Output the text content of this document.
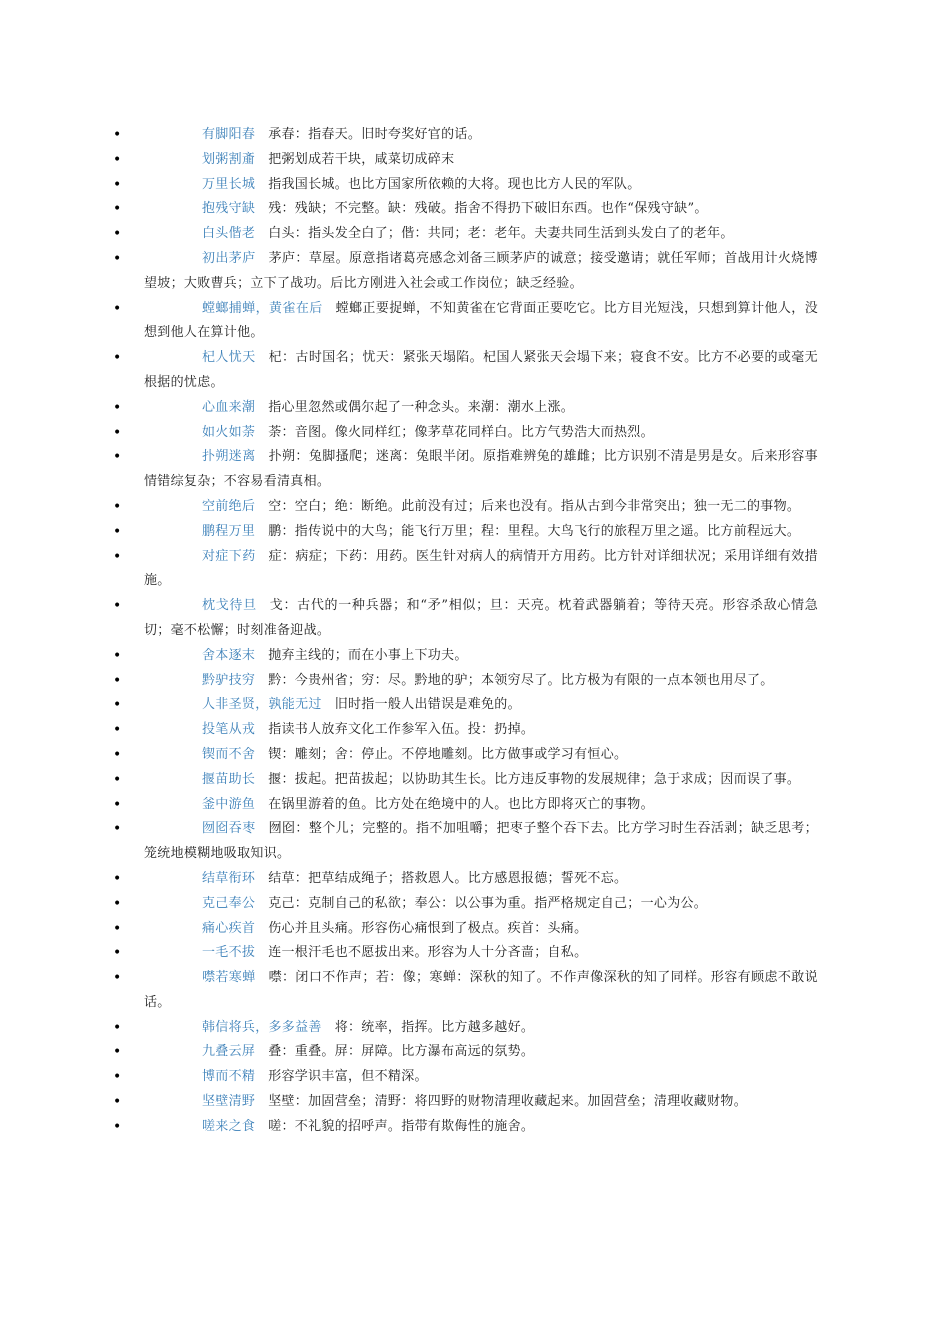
•	有脚阳春 承春：指春天。旧时夸奖好官的话。
•	划粥割齑 把粥划成若干块，咸菜切成碎末
•	万里长城 指我国长城。也比方国家所依赖的大将。现也比方人民的军队。
•	抱残守缺 残：残缺；不完整。缺：残破。指舍不得扔下破旧东西。也作“保残守缺”。
•	白头偕老 白头：指头发全白了；偕：共同；老：老年。夫妻共同生活到头发白了的老年。
•	初出茅庐 茅庐：草屋。原意指诸葛亮感念刘备三顾茅庐的诚意；接受邀请；就任军师；首战用计火烧博望坡；大败曹兵；立下了战功。后比方刚进入社会或工作岗位；缺乏经验。
•	螳螂捕蝉，黄雀在后 螳螂正要捉蝉，不知黄雀在它背面正要吃它。比方目光短浅，只想到算计他人，没想到他人在算计他。
•	杞人忧天 杞：古时国名；忧天：紧张天塌陷。杞国人紧张天会塌下来；寝食不安。比方不必要的或毫无根据的忧虑。
•	心血来潮 指心里忽然或偶尔起了一种念头。来潮：潮水上涨。
•	如火如荼 荼：音图。像火同样红；像茅草花同样白。比方气势浩大而热烈。
•	扑朔迷离 扑朔：兔脚搔爬；迷离：兔眼半闭。原指难辨兔的雄雌；比方识别不清是男是女。后来形容事情错综复杂；不容易看清真相。
•	空前绝后 空：空白；绝：断绝。此前没有过；后来也没有。指从古到今非常突出；独一无二的事物。
•	鹏程万里 鹏：指传说中的大鸟；能飞行万里；程：里程。大鸟飞行的旅程万里之遥。比方前程远大。
•	对症下药 症：病症；下药：用药。医生针对病人的病情开方用药。比方针对详细状况；采用详细有效措施。
•	枕戈待旦 戈：古代的一种兵器；和“矛”相似；旦：天亮。枕着武器躺着；等待天亮。形容杀敌心情急切；毫不松懈；时刻准备迎战。
•	舍本逐末 抛弃主线的；而在小事上下功夫。
•	黔驴技穷 黔：今贵州省；穷：尽。黔地的驴；本领穷尽了。比方极为有限的一点本领也用尽了。
•	人非圣贤，孰能无过 旧时指一般人出错误是难免的。
•	投笔从戎 指读书人放弃文化工作参军入伍。投：扔掉。
•	锲而不舍 锲：雕刻；舍：停止。不停地雕刻。比方做事或学习有恒心。
•	揠苗助长 揠：拔起。把苗拔起；以协助其生长。比方违反事物的发展规律；急于求成；因而误了事。
•	釜中游鱼 在锅里游着的鱼。比方处在绝境中的人。也比方即将灭亡的事物。
•	囫囵吞枣 囫囵：整个儿；完整的。指不加咀嚼；把枣子整个吞下去。比方学习时生吞活剥；缺乏思考；笼统地模糊地吸取知识。
•	结草衔环 结草：把草结成绳子；搭救恩人。比方感恩报德；誓死不忘。
•	克己奉公 克己：克制自己的私欲；奉公：以公事为重。指严格规定自己；一心为公。
•	痛心疾首 伤心并且头痛。形容伤心痛恨到了极点。疾首：头痛。
•	一毛不拔 连一根汗毛也不愿拔出来。形容为人十分吝啬；自私。
•	噤若寒蝉 噤：闭口不作声；若：像；寒蝉：深秋的知了。不作声像深秋的知了同样。形容有顾虑不敢说话。
•	韩信将兵，多多益善 将：统率，指挥。比方越多越好。
•	九叠云屏 叠：重叠。屏：屏障。比方瀑布高远的氛势。
•	博而不精 形容学识丰富，但不精深。
•	坚壁清野 坚壁：加固营垒；清野：将四野的财物清理收藏起来。加固营垒；清理收藏财物。
•	嗟来之食 嗟：不礼貌的招呼声。指带有欺侮性的施舍。
